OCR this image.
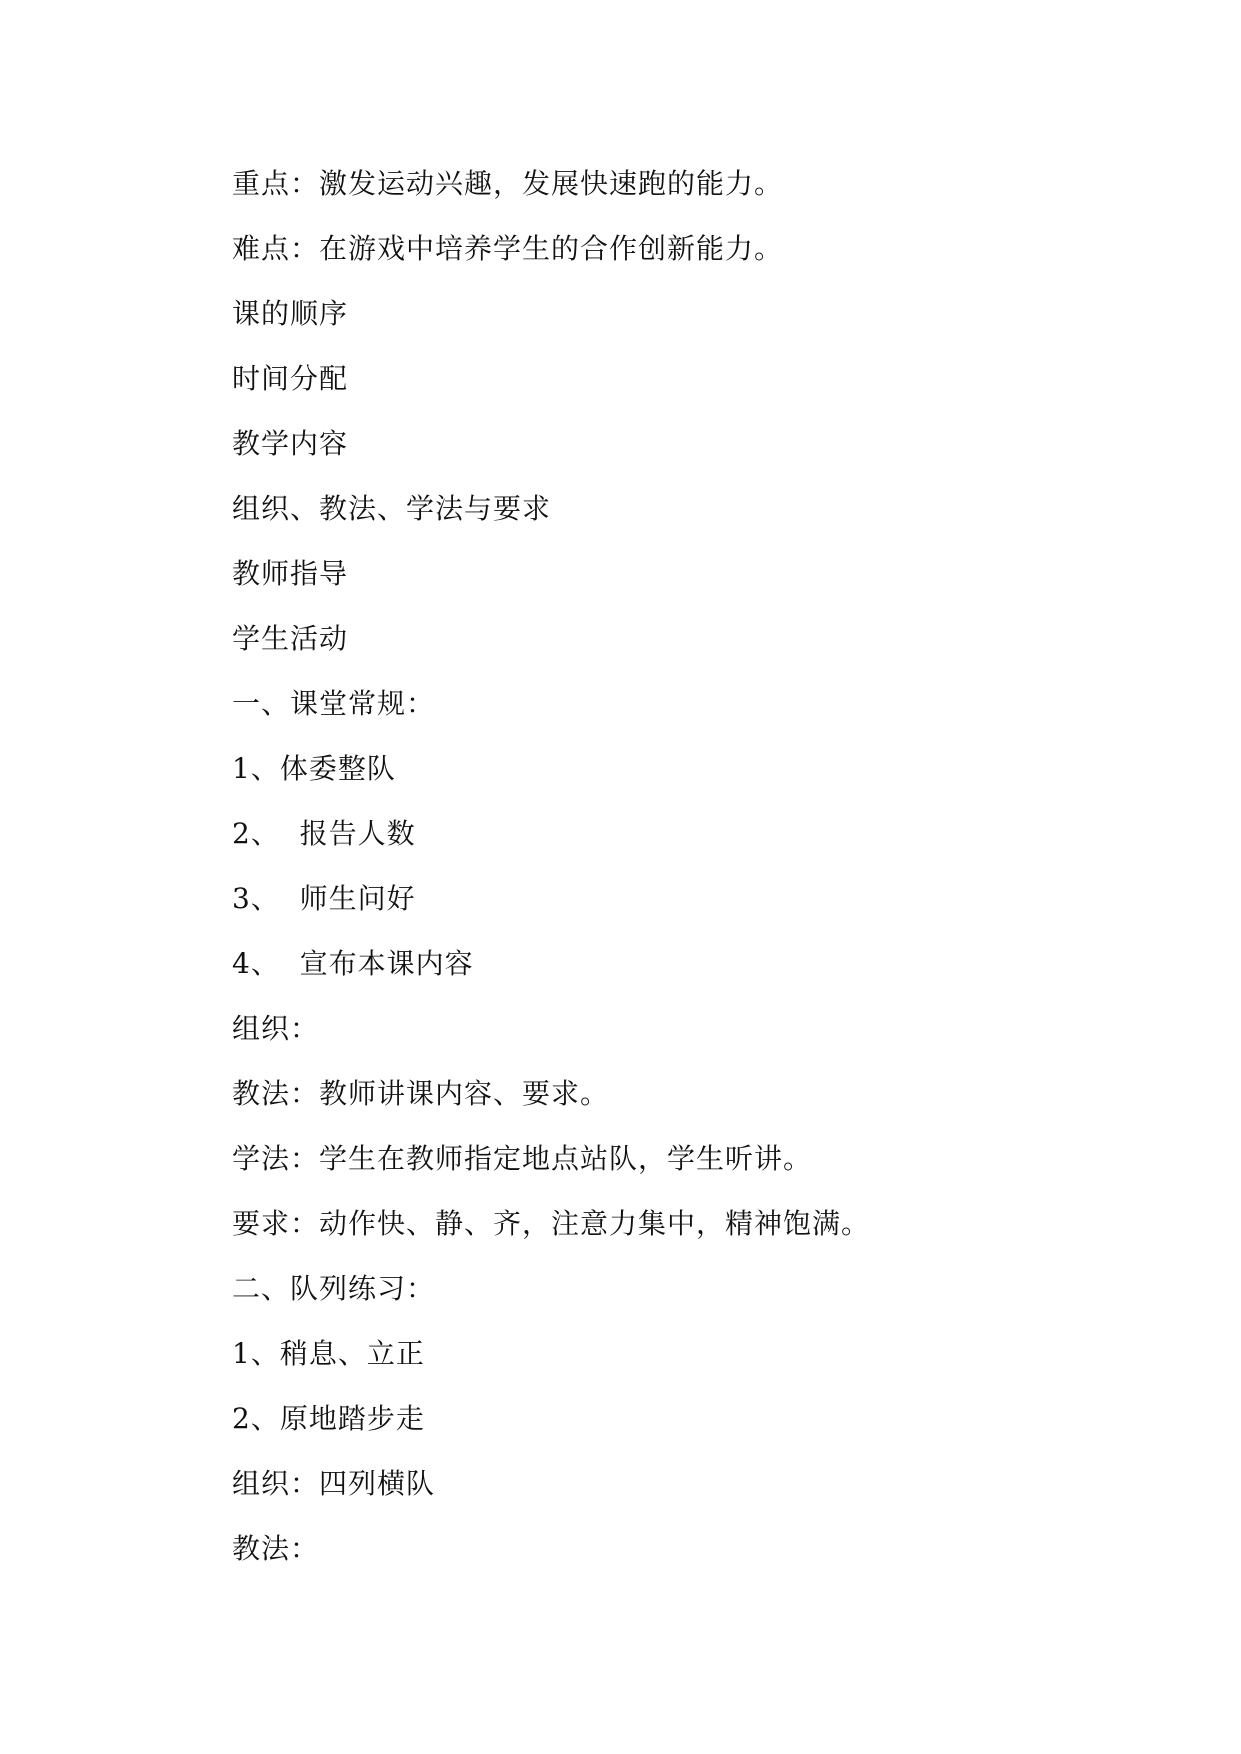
重点：激发运动兴趣，发展快速跑的能力。
难点：在游戏中培养学生的合作创新能力。
课的顺序
时间分配
教学内容
组织、教法、学法与要求
教师指导
学生活动
一、课堂常规：
1、体委整队
2、  报告人数
3、  师生问好
4、  宣布本课内容
组织：
教法：教师讲课内容、要求。
学法：学生在教师指定地点站队，学生听讲。
要求：动作快、静、齐，注意力集中，精神饱满。
二、队列练习：
1、稍息、立正
2、原地踏步走
组织：四列横队
教法：
